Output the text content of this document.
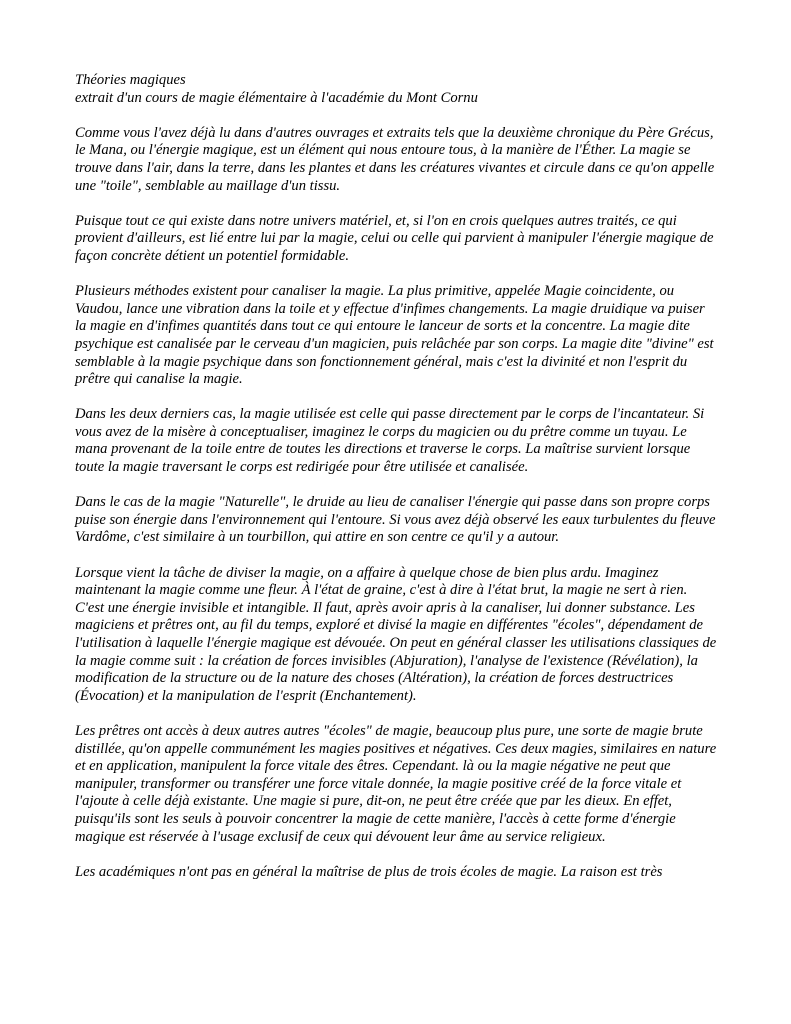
Théories magiques
extrait d'un cours de magie élémentaire à l'académie du Mont Cornu

Comme vous l'avez déjà lu dans d'autres ouvrages et extraits tels que la deuxième chronique du Père Grécus, le Mana, ou l'énergie magique, est un élément qui nous entoure tous, à la manière de l'Éther. La magie se trouve dans l'air, dans la terre, dans les plantes et dans les créatures vivantes et circule dans ce qu'on appelle une "toile", semblable au maillage d'un tissu.

Puisque tout ce qui existe dans notre univers matériel, et, si l'on en crois quelques autres traités, ce qui provient d'ailleurs, est lié entre lui par la magie, celui ou celle qui parvient à manipuler l'énergie magique de façon concrète détient un potentiel formidable.

Plusieurs méthodes existent pour canaliser la magie. La plus primitive, appelée Magie coincidente, ou Vaudou, lance une vibration dans la toile et y effectue d'infimes changements. La magie druidique va puiser la magie en d'infimes quantités dans tout ce qui entoure le lanceur de sorts et la concentre. La magie dite psychique est canalisée par le cerveau d'un magicien, puis relâchée par son corps. La magie dite "divine" est semblable à la magie psychique dans son fonctionnement général, mais c'est la divinité et non l'esprit du prêtre qui canalise la magie.

Dans les deux derniers cas, la magie utilisée est celle qui passe directement par le corps de l'incantateur. Si vous avez de la misère à conceptualiser, imaginez le corps du magicien ou du prêtre comme un tuyau. Le mana provenant de la toile entre de toutes les directions et traverse le corps. La maîtrise survient lorsque toute la magie traversant le corps est redirigée pour être utilisée et canalisée.

Dans le cas de la magie "Naturelle", le druide au lieu de canaliser l'énergie qui passe dans son propre corps puise son énergie dans l'environnement qui l'entoure. Si vous avez déjà observé les eaux turbulentes du fleuve Vardôme, c'est similaire à un tourbillon, qui attire en son centre ce qu'il y a autour.

Lorsque vient la tâche de diviser la magie, on a affaire à quelque chose de bien plus ardu. Imaginez maintenant la magie comme une fleur. À l'état de graine, c'est à dire à l'état brut, la magie ne sert à rien. C'est une énergie invisible et intangible. Il faut, après avoir apris à la canaliser, lui donner substance. Les magiciens et prêtres ont, au fil du temps, exploré et divisé la magie en différentes "écoles", dépendament de l'utilisation à laquelle l'énergie magique est dévouée. On peut en général classer les utilisations classiques de la magie comme suit : la création de forces invisibles (Abjuration), l'analyse de l'existence (Révélation), la modification de la structure ou de la nature des choses (Altération), la création de forces destructrices (Évocation) et la manipulation de l'esprit (Enchantement).

Les prêtres ont accès à deux autres autres "écoles" de magie, beaucoup plus pure, une sorte de magie brute distillée, qu'on appelle communément les magies positives et négatives. Ces deux magies, similaires en nature et en application, manipulent la force vitale des êtres. Cependant. là ou la magie négative ne peut que manipuler, transformer ou transférer une force vitale donnée, la magie positive créé de la force vitale et l'ajoute à celle déjà existante. Une magie si pure, dit-on, ne peut être créée que par les dieux. En effet, puisqu'ils sont les seuls à pouvoir concentrer la magie de cette manière, l'accès à cette forme d'énergie magique est réservée à l'usage exclusif de ceux qui dévouent leur âme au service religieux.

Les académiques n'ont pas en général la maîtrise de plus de trois écoles de magie. La raison est très
